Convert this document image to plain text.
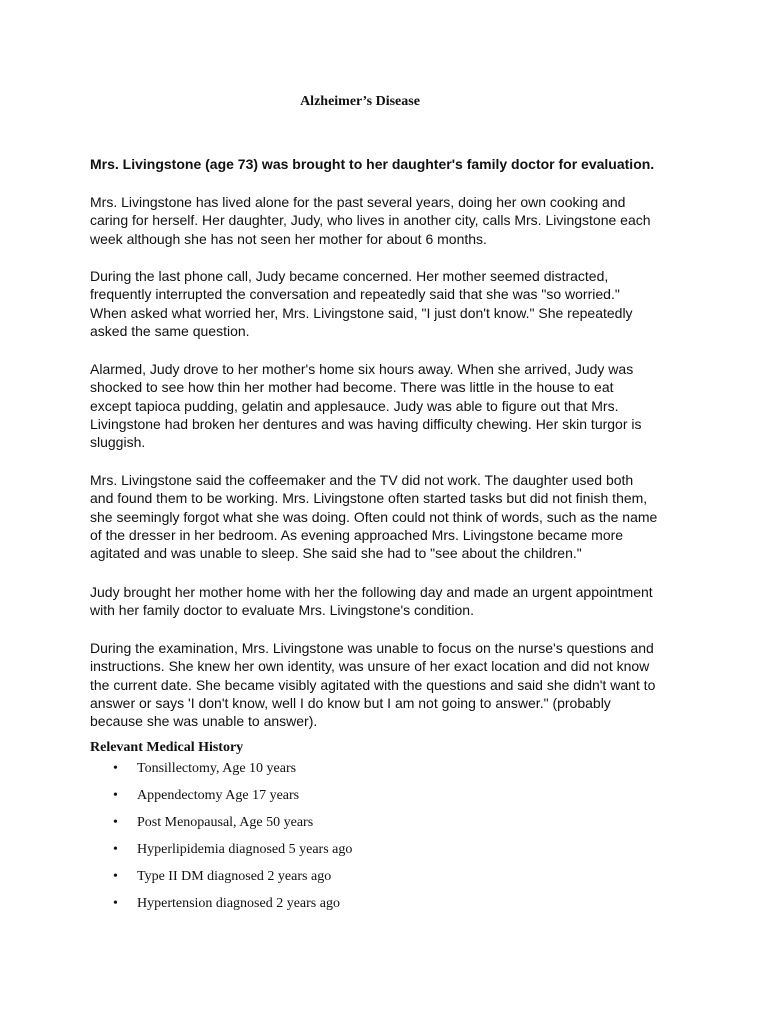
Alzheimer’s Disease
Mrs. Livingstone (age 73) was brought to her daughter's family doctor for evaluation.

Mrs. Livingstone has lived alone for the past several years, doing her own cooking and
caring for herself. Her daughter, Judy, who lives in another city, calls Mrs. Livingstone each
week although she has not seen her mother for about 6 months.

During the last phone call, Judy became concerned. Her mother seemed distracted,
frequently interrupted the conversation and repeatedly said that she was "so worried."
When asked what worried her, Mrs. Livingstone said, "I just don't know." She repeatedly
asked the same question.

Alarmed, Judy drove to her mother's home six hours away. When she arrived, Judy was
shocked to see how thin her mother had become. There was little in the house to eat
except tapioca pudding, gelatin and applesauce. Judy was able to figure out that Mrs.
Livingstone had broken her dentures and was having difficulty chewing. Her skin turgor is
sluggish.

Mrs. Livingstone said the coffeemaker and the TV did not work. The daughter used both
and found them to be working. Mrs. Livingstone often started tasks but did not finish them,
she seemingly forgot what she was doing. Often could not think of words, such as the name
of the dresser in her bedroom. As evening approached Mrs. Livingstone became more
agitated and was unable to sleep. She said she had to "see about the children."

Judy brought her mother home with her the following day and made an urgent appointment
with her family doctor to evaluate Mrs. Livingstone's condition.

During the examination, Mrs. Livingstone was unable to focus on the nurse's questions and
instructions. She knew her own identity, was unsure of her exact location and did not know
the current date. She became visibly agitated with the questions and said she didn't want to
answer or says 'I don't know, well I do know but I am not going to answer." (probably
because she was unable to answer).

Relevant Medical History
• Tonsillectomy, Age 10 years
• Appendectomy Age 17 years
• Post Menopausal, Age 50 years
• Hyperlipidemia diagnosed 5 years ago
• Type II DM diagnosed 2 years ago
• Hypertension diagnosed 2 years ago
